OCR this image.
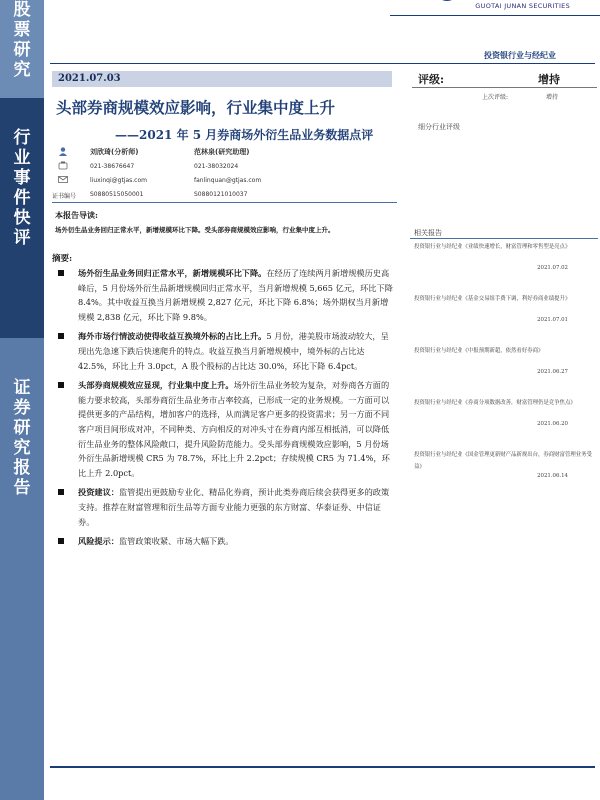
股票研究
行业事件快评
证券研究报告
GUOTAI JUNAN SECURITIES
投资银行业与经纪业
2021.07.03
头部券商规模效应影响，行业集中度上升
——2021 年 5 月券商场外衍生品业务数据点评
刘欣琦(分析师)
021-38676647
liuxinqi@gtjas.com
证书编号 S0880515050001
范林泉(研究助理)
021-38032024
fanlinquan@gtjas.com
S0880121010037
评级:	增持
上次评级:	增持
细分行业评级
本报告导读:
场外衍生品业务回归正常水平，新增规模环比下降。受头部券商规模效应影响，行业集中度上升。
摘要:
场外衍生品业务回归正常水平，新增规模环比下降。在经历了连续两月新增规模历史高峰后，5 月份场外衍生品新增规模回归正常水平，当月新增规模 5,665 亿元，环比下降 8.4%。其中收益互换当月新增规模 2,827 亿元，环比下降 6.8%；场外期权当月新增规模 2,838 亿元，环比下降 9.8%。
海外市场行情波动使得收益互换境外标的占比上升。5 月份，港美股市场波动较大，呈现出先急速下跌后快速爬升的特点。收益互换当月新增规模中，境外标的占比达 42.5%，环比上升 3.0pct，A 股个股标的占比达 30.0%，环比下降 6.4pct。
头部券商规模效应显现，行业集中度上升。场外衍生品业务较为复杂，对券商各方面的能力要求较高，头部券商衍生品业务市占率较高，已形成一定的业务规模。一方面可以提供更多的产品结构，增加客户的选择，从而满足客户更多的投资需求；另一方面不同客户项目间形成对冲，不同种类、方向相反的对冲头寸在券商内部互相抵消，可以降低衍生品业务的整体风险敞口，提升风险防范能力。受头部券商规模效应影响，5 月份场外衍生品新增规模 CR5 为 78.7%，环比上升 2.2pct；存续规模 CR5 为 71.4%，环比上升 2.0pct。
投资建议：监管提出更鼓励专业化、精品化券商，预计此类券商后续会获得更多的政策支持。推荐在财富管理和衍生品等方面专业能力更强的东方财富、华泰证券、中信证券。
风险提示：监管政策收紧、市场大幅下跌。
相关报告
投资银行业与经纪业《业绩快速增长，财富管理和零售型是亮点》
2021.07.02
投资银行业与经纪业《基金交易组手费下调，利好券商业绩提升》
2021.07.01
投资银行业与经纪业《中报预期新超，依然看好券商》
2021.06.27
投资银行业与经纪业《券商分项数据改善，财富管理仍是竞争焦点》
2021.06.20
投资银行业与经纪业《国金管理更新财产品新规出台，券商财富管理业务受益》
2021.06.14
